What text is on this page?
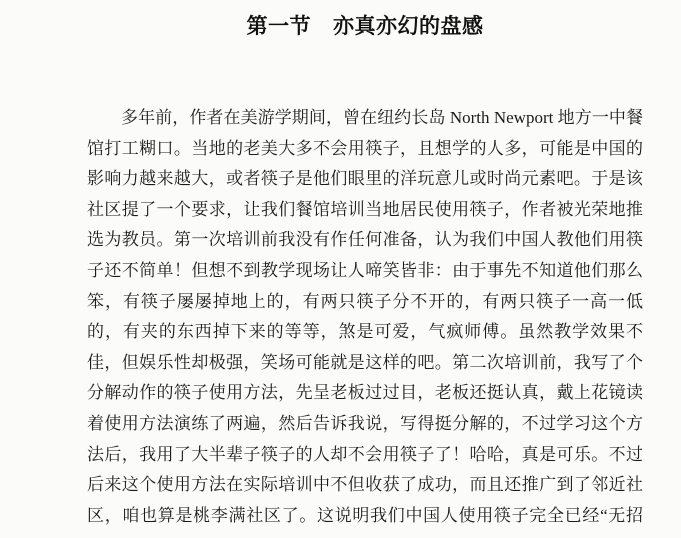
第一节 亦真亦幻的盘感
多年前，作者在美游学期间，曾在纽约长岛 North Newport 地方一中餐
馆打工糊口。当地的老美大多不会用筷子，且想学的人多，可能是中国的
影响力越来越大，或者筷子是他们眼里的洋玩意儿或时尚元素吧。于是该
社区提了一个要求，让我们餐馆培训当地居民使用筷子，作者被光荣地推
选为教员。第一次培训前我没有作任何准备，认为我们中国人教他们用筷
子还不简单！但想不到教学现场让人啼笑皆非：由于事先不知道他们那么
笨，有筷子屡屡掉地上的，有两只筷子分不开的，有两只筷子一高一低
的，有夹的东西掉下来的等等，煞是可爱，气疯师傅。虽然教学效果不
佳，但娱乐性却极强，笑场可能就是这样的吧。第二次培训前，我写了个
分解动作的筷子使用方法，先呈老板过过目，老板还挺认真，戴上花镜读
着使用方法演练了两遍，然后告诉我说，写得挺分解的，不过学习这个方
法后，我用了大半辈子筷子的人却不会用筷子了！哈哈，真是可乐。不过
后来这个使用方法在实际培训中不但收获了成功，而且还推广到了邻近社
区，咱也算是桃李满社区了。这说明我们中国人使用筷子完全已经“无招
